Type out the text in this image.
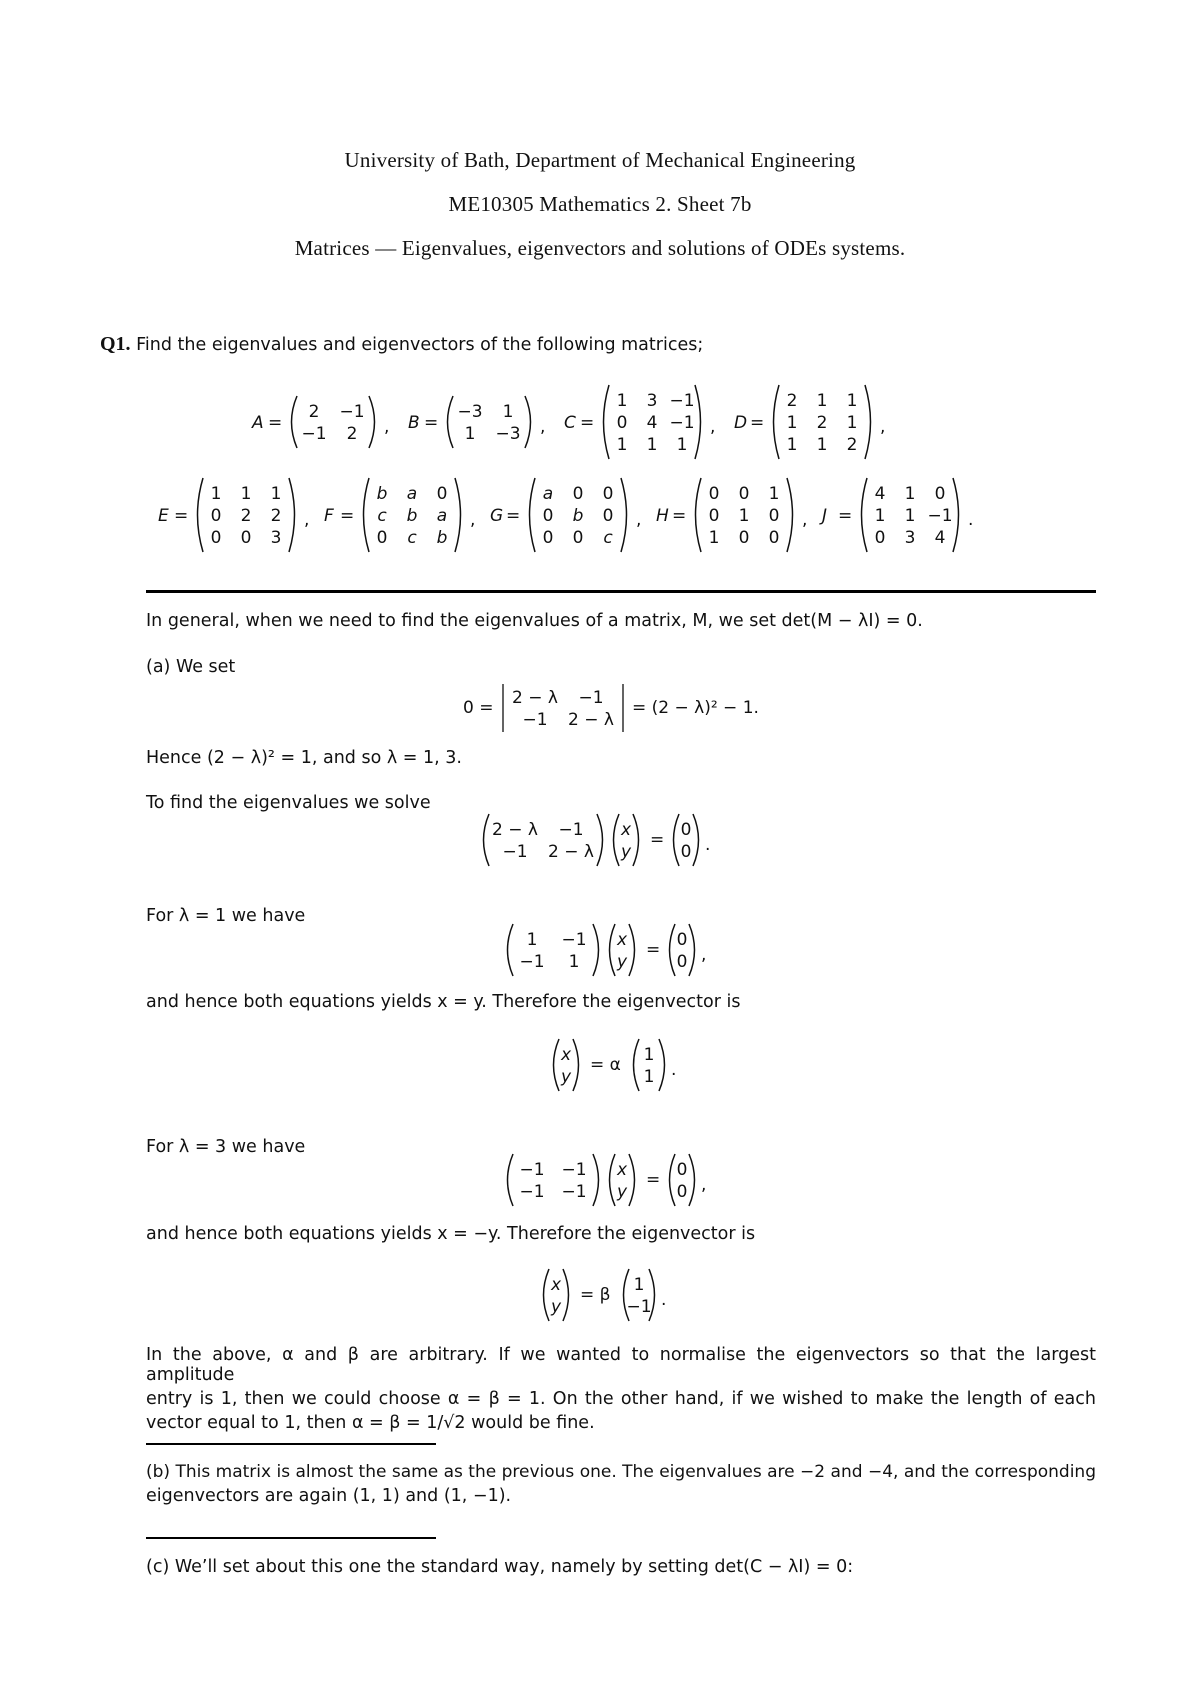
University of Bath, Department of Mechanical Engineering
ME10305 Mathematics 2. Sheet 7b
Matrices — Eigenvalues, eigenvectors and solutions of ODEs systems.
Q1. Find the eigenvalues and eigenvectors of the following matrices;
A =
2 −1
−1 2 , B =
−3 1
1 −3 , C =
1 3 −1
0 4 −1
1 1 1
, D =
2 1 1
1 2 1
1 1 2
,
E =
1 1 1
0 2 2
0 0 3
, F =
b a 0
c b a
0 c b
, G =
a 0 0
0 b 0
0 0 c
, H =
0 0 1
0 1 0
1 0 0
, J =
4 1 0
1 1 −1
0 3 4
.
In general, when we need to find the eigenvalues of a matrix, M, we set det(M − λI) = 0.
(a) We set
0 = 2 − λ −1
−1 2 − λ
= (2 − λ)² − 1.
Hence (2 − λ)² = 1, and so λ = 1, 3.
To find the eigenvalues we solve
2 − λ −1
−1 2 − λ
x
y
= 0
0 .
For λ = 1 we have
1 −1
−1 1
x
y
= 0
0 ,
and hence both equations yields x = y. Therefore the eigenvector is
x
y
= α 1
1 .
For λ = 3 we have
−1 −1
−1 −1
x
y
= 0
0 ,
and hence both equations yields x = −y. Therefore the eigenvector is
x
y
= β 1
−1 .
In the above, α and β are arbitrary. If we wanted to normalise the eigenvectors so that the largest amplitude
entry is 1, then we could choose α = β = 1. On the other hand, if we wished to make the length of each
vector equal to 1, then α = β = 1/√2 would be fine.
(b) This matrix is almost the same as the previous one. The eigenvalues are −2 and −4, and the corresponding
eigenvectors are again (1, 1) and (1, −1).
(c) We’ll set about this one the standard way, namely by setting det(C − λI) = 0:
